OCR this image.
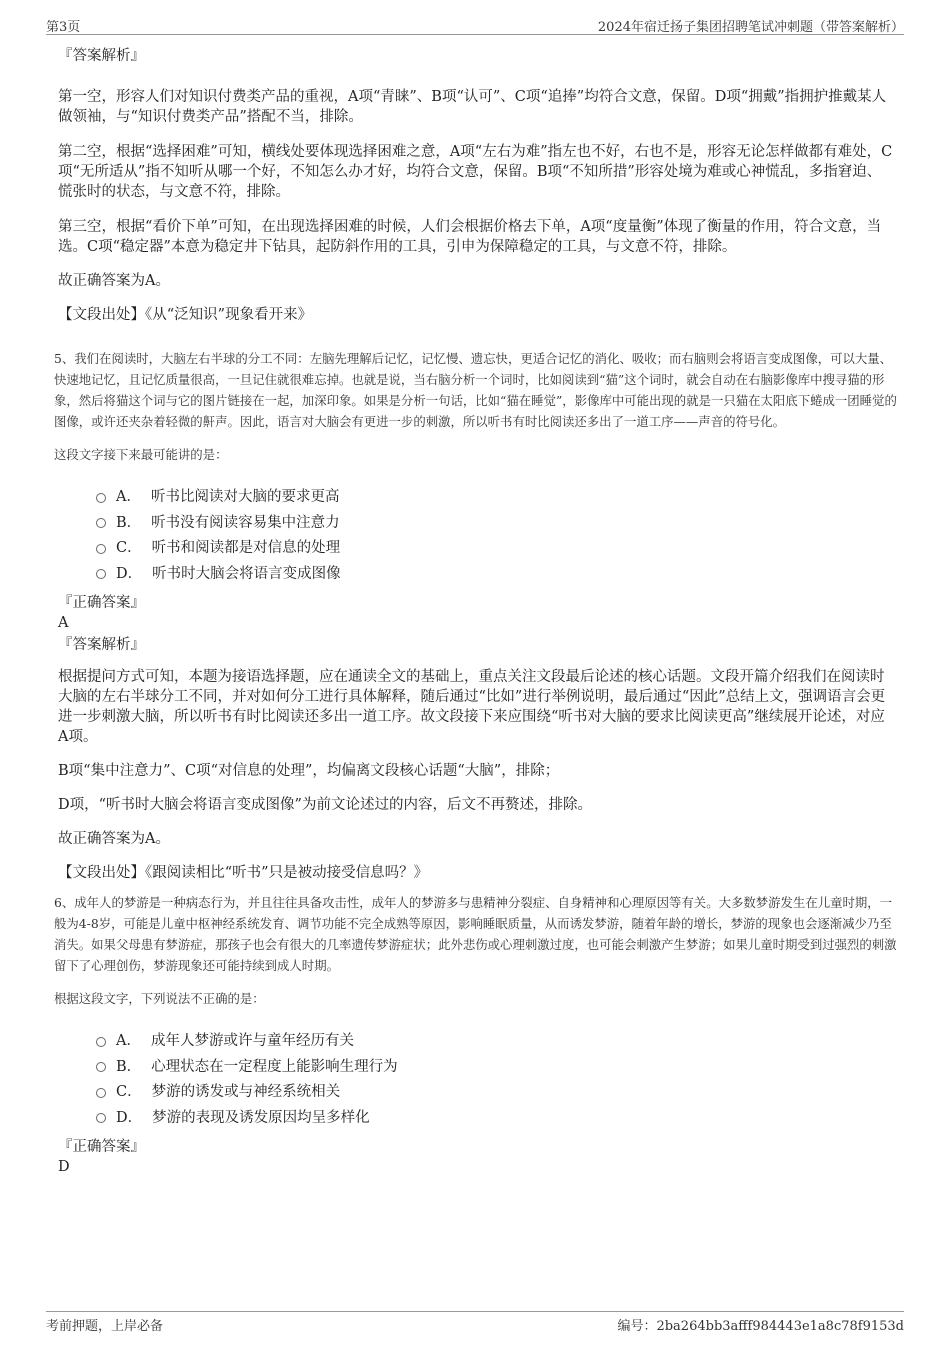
第3页	2024年宿迁扬子集团招聘笔试冲刺题（带答案解析）
『答案解析』

第一空，形容人们对知识付费类产品的重视，A项“青睐”、B项“认可”、C项“追捧”均符合文意，保留。D项“拥戴”指拥护推戴某人做领袖，与“知识付费类产品”搭配不当，排除。

第二空，根据“选择困难”可知，横线处要体现选择困难之意，A项“左右为难”指左也不好，右也不是，形容无论怎样做都有难处，C项“无所适从”指不知听从哪一个好，不知怎么办才好，均符合文意，保留。B项“不知所措”形容处境为难或心神慌乱，多指窘迫、慌张时的状态，与文意不符，排除。

第三空，根据“看价下单”可知，在出现选择困难的时候，人们会根据价格去下单，A项“度量衡”体现了衡量的作用，符合文意，当选。C项“稳定器”本意为稳定井下钻具，起防斜作用的工具，引申为保障稳定的工具，与文意不符，排除。

故正确答案为A。

【文段出处】《从“泛知识”现象看开来》

5、我们在阅读时，大脑左右半球的分工不同：左脑先理解后记忆，记忆慢、遗忘快，更适合记忆的消化、吸收；而右脑则会将语言变成图像，可以大量、快速地记忆，且记忆质量很高，一旦记住就很难忘掉。也就是说，当右脑分析一个词时，比如阅读到“猫”这个词时，就会自动在右脑影像库中搜寻猫的形象，然后将猫这个词与它的图片链接在一起，加深印象。如果是分析一句话，比如“猫在睡觉”，影像库中可能出现的就是一只猫在太阳底下蜷成一团睡觉的图像，或许还夹杂着轻微的鼾声。因此，语言对大脑会有更进一步的刺激，所以听书有时比阅读还多出了一道工序——声音的符号化。

这段文字接下来最可能讲的是：

A． 听书比阅读对大脑的要求更高
B． 听书没有阅读容易集中注意力
C． 听书和阅读都是对信息的处理
D． 听书时大脑会将语言变成图像
『正确答案』
A
『答案解析』

根据提问方式可知，本题为接语选择题，应在通读全文的基础上，重点关注文段最后论述的核心话题。文段开篇介绍我们在阅读时大脑的左右半球分工不同，并对如何分工进行具体解释，随后通过“比如”进行举例说明，最后通过“因此”总结上文，强调语言会更进一步刺激大脑，所以听书有时比阅读还多出一道工序。故文段接下来应围绕“听书对大脑的要求比阅读更高”继续展开论述，对应A项。

B项“集中注意力”、C项“对信息的处理”，均偏离文段核心话题“大脑”，排除；

D项，“听书时大脑会将语言变成图像”为前文论述过的内容，后文不再赘述，排除。

故正确答案为A。

【文段出处】《跟阅读相比“听书”只是被动接受信息吗？》

6、成年人的梦游是一种病态行为，并且往往具备攻击性，成年人的梦游多与患精神分裂症、自身精神和心理原因等有关。大多数梦游发生在儿童时期，一般为4-8岁，可能是儿童中枢神经系统发育、调节功能不完全成熟等原因，影响睡眠质量，从而诱发梦游，随着年龄的增长，梦游的现象也会逐渐减少乃至消失。如果父母患有梦游症，那孩子也会有很大的几率遗传梦游症状；此外悲伤或心理刺激过度，也可能会刺激产生梦游；如果儿童时期受到过强烈的刺激留下了心理创伤，梦游现象还可能持续到成人时期。

根据这段文字，下列说法不正确的是：

A． 成年人梦游或许与童年经历有关
B． 心理状态在一定程度上能影响生理行为
C． 梦游的诱发或与神经系统相关
D． 梦游的表现及诱发原因均呈多样化
『正确答案』
D
考前押题，上岸必备	编号：2ba264bb3afff984443e1a8c78f9153d
